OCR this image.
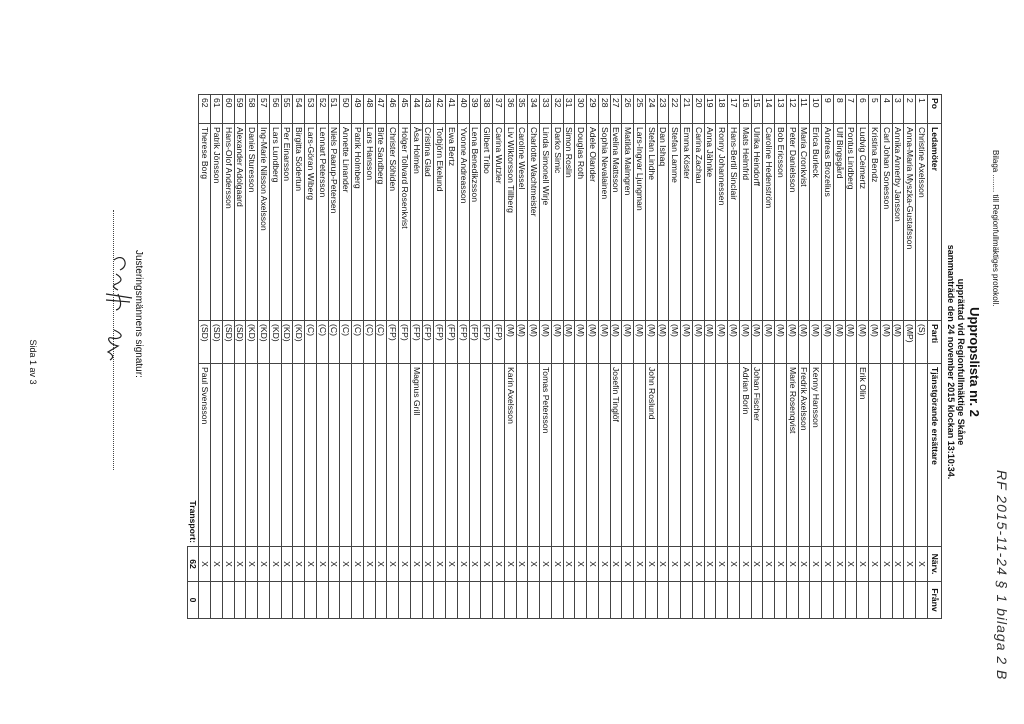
Bilaga ........ till Regionfullmäktiges protokoll.
RF 2015-11-24 § 1 bilaga 2 B
Uppropslista nr. 2
upprättad vid Regionfullmäktige Skåne
sammanträde den 24 november 2015 klockan 13:10:34.
Po	Ledamöter	Parti	Tjänstgörande ersättare	Närv.	Frånv
1	Christine Axelsson	(S)		X	
2	Anna-Maria Myszka-Gustafsson	(MP)		X	
3	Annika Annerby Jansson	(M)		X	
4	Carl Johan Sonesson	(M)		X	
5	Kristina Bendz	(M)		X	
6	Ludvig Ceimertz	(M)	Erik Olin	X	
7	Pontus Lindberg	(M)		X	
8	Ulf Bingsgård	(M)		X	
9	Andreas Brozelius	(M)		X	
10	Erica Burleck	(M)	Kenny Hansson	X	
11	Maria Cronkvist	(M)	Fredrik Axelsson	X	
12	Peter Danielsson	(M)	Marie Rosenqvist	X	
13	Bob Ericsson	(M)		X	
14	Caroline Hedenström	(M)		X	
15	Ulrika Heindorff	(M)	Johan Fischer	X	
16	Mats Helmfrid	(M)	Adrian Borin	X	
17	Hans-Bertil Sinclair	(M)		X	
18	Ronny Johannessen	(M)		X	
19	Anna Jähnke	(M)		X	
20	Carina Zachau	(M)		X	
21	Emma Köster	(M)		X	
22	Stefan Lamme	(M)		X	
23	Dan Ishaq	(M)		X	
24	Stefan Lindhe	(M)	John Roslund	X	
25	Lars-Ingvar Ljungman	(M)		X	
26	Matilda Malmgren	(M)		X	
27	Evelina Mattsson	(M)	Josefin Tinglöf	X	
28	Sophia Nevalainen	(M)		X	
29	Adele Olander	(M)		X	
30	Douglas Roth	(M)		X	
31	Simon Roslin	(M)		X	
32	Darko Simic	(M)		X	
33	Linda Simonell Wirje	(M)	Tomas Petersson	X	
34	Charlotte Wachtmeister	(M)		X	
35	Caroline Wessel	(M)		X	
36	Liv Wiktorsson Tillberg	(M)	Karin Axelsson	X	
37	Carina Wutzler	(FP)		X	
38	Gilbert Tribo	(FP)		X	
39	Lena Benedikzsson	(FP)		X	
40	Yvonne Andreasson	(FP)		X	
41	Ewa Bertz	(FP)		X	
42	Torbjörn Ekelund	(FP)		X	
43	Cristina Glad	(FP)		X	
44	Åsa Holmén	(FP)	Magnus Grill	X	
45	Holger Tollvard Rosenkvist	(FP)		X	
46	Christer Söhiden	(FP)		X	
47	Birte Sandberg	(C)		X	
48	Lars Hansson	(C)		X	
49	Patrik Holmberg	(C)		X	
50	Annette Linander	(C)		X	
51	Niels Paarup-Petersen	(C)		X	
52	Lennart Petersson	(C)		X	
53	Lars-Göran Wiberg	(C)		X	
54	Birgitta Södertun	(KD)		X	
55	Per Einarsson	(KD)		X	
56	Lars Lundberg	(KD)		X	
57	Ing-Marie Nilsson Axelsson	(KD)		X	
58	Daniel Sturesson	(KD)		X	
59	Alexander Adolgaard	(SD)		X	
60	Hans-Olof Andersson	(SD)		X	
61	Patrik Jönsson	(SD)		X	
62	Therese Borg	(SD)	Paul Svensson	X	
			Transport:	62	0
Justeringsmännens signatur:
Sida 1 av 3
